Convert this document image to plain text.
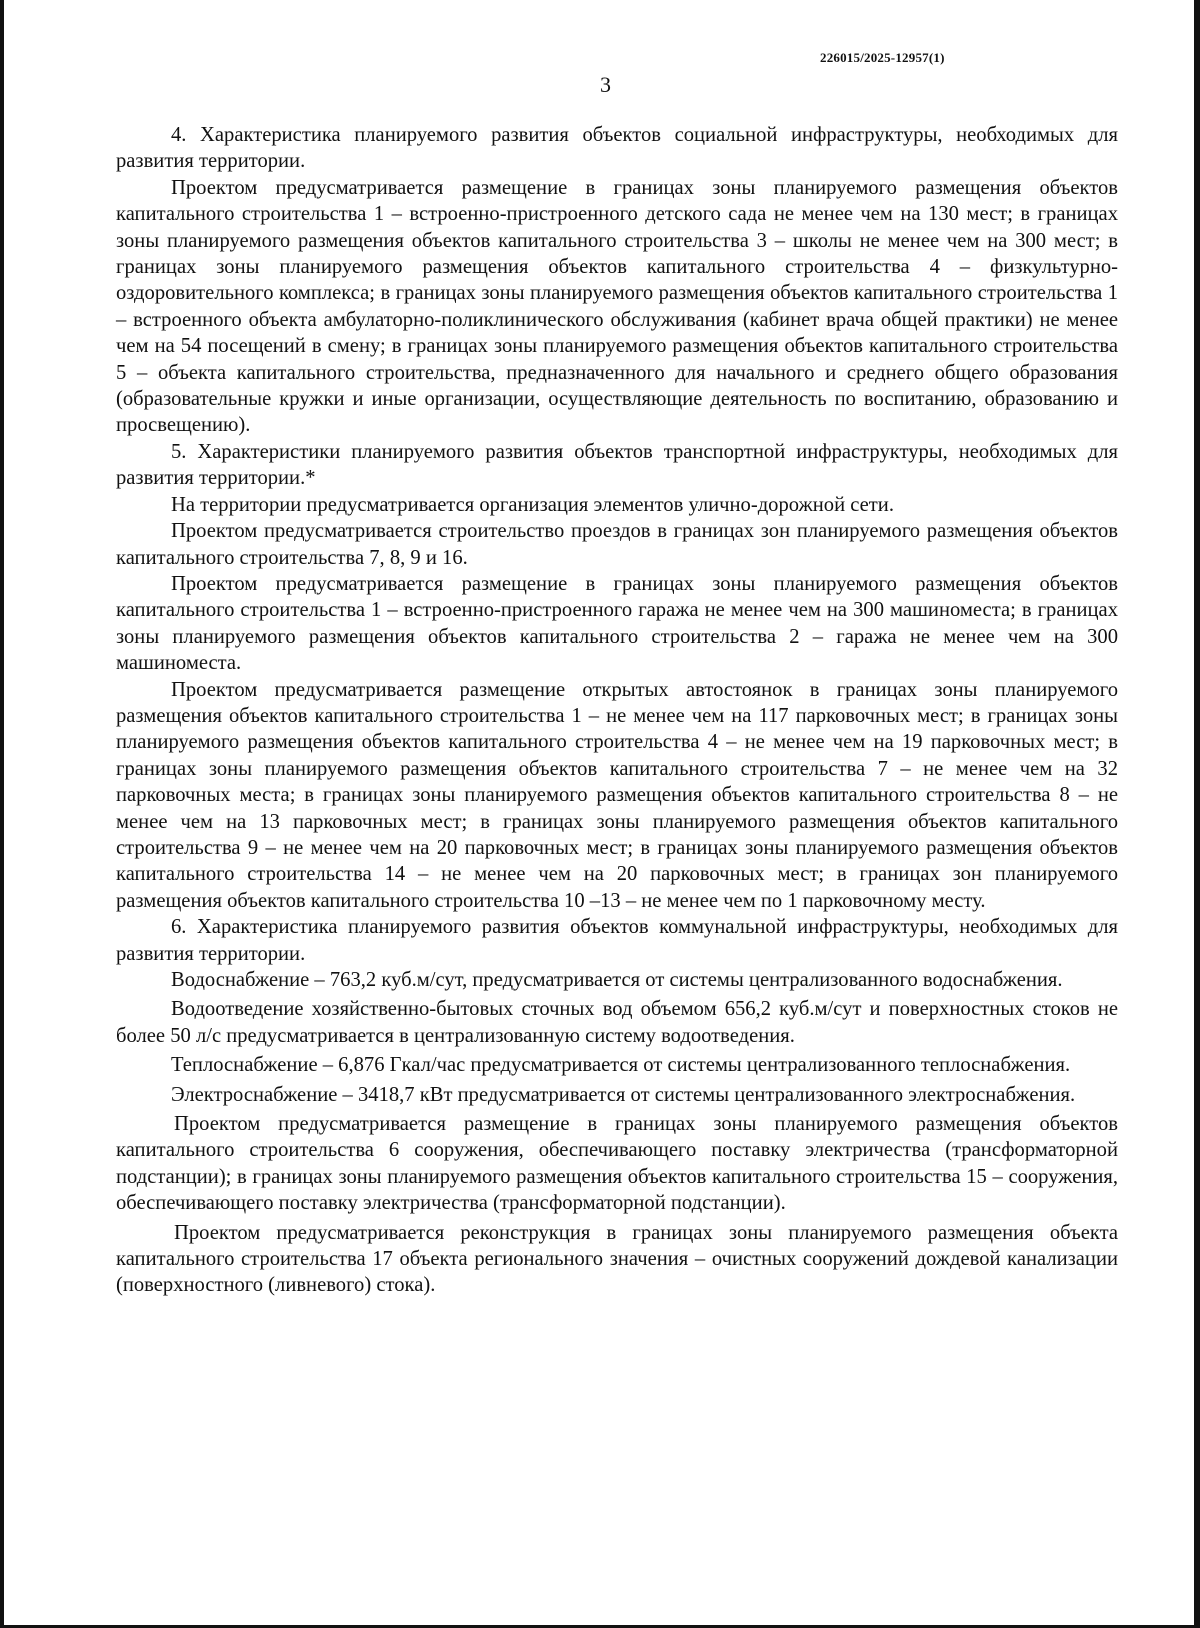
226015/2025-12957(1)
3

4. Характеристика планируемого развития объектов социальной инфраструктуры, необходимых для развития территории.

Проектом предусматривается размещение в границах зоны планируемого размещения объектов капитального строительства 1 – встроенно-пристроенного детского сада не менее чем на 130 мест; в границах зоны планируемого размещения объектов капитального строительства 3 – школы не менее чем на 300 мест; в границах зоны планируемого размещения объектов капитального строительства 4 – физкультурно-оздоровительного комплекса; в границах зоны планируемого размещения объектов капитального строительства 1 – встроенного объекта амбулаторно-поликлинического обслуживания (кабинет врача общей практики) не менее чем на 54 посещений в смену; в границах зоны планируемого размещения объектов капитального строительства 5 – объекта капитального строительства, предназначенного для начального и среднего общего образования (образовательные кружки и иные организации, осуществляющие деятельность по воспитанию, образованию и просвещению).

5. Характеристики планируемого развития объектов транспортной инфраструктуры, необходимых для развития территории.*

На территории предусматривается организация элементов улично-дорожной сети.

Проектом предусматривается строительство проездов в границах зон планируемого размещения объектов капитального строительства 7, 8, 9 и 16.

Проектом предусматривается размещение в границах зоны планируемого размещения объектов капитального строительства 1 – встроенно-пристроенного гаража не менее чем на 300 машиноместа; в границах зоны планируемого размещения объектов капитального строительства 2 – гаража не менее чем на 300 машиноместа.

Проектом предусматривается размещение открытых автостоянок в границах зоны планируемого размещения объектов капитального строительства 1 – не менее чем на 117 парковочных мест; в границах зоны планируемого размещения объектов капитального строительства 4 – не менее чем на 19 парковочных мест; в границах зоны планируемого размещения объектов капитального строительства 7 – не менее чем на 32 парковочных места; в границах зоны планируемого размещения объектов капитального строительства 8 – не менее чем на 13 парковочных мест; в границах зоны планируемого размещения объектов капитального строительства 9 – не менее чем на 20 парковочных мест; в границах зоны планируемого размещения объектов капитального строительства 14 – не менее чем на 20 парковочных мест; в границах зон планируемого размещения объектов капитального строительства 10 –13 – не менее чем по 1 парковочному месту.

6. Характеристика планируемого развития объектов коммунальной инфраструктуры, необходимых для развития территории.

Водоснабжение – 763,2 куб.м/сут, предусматривается от системы централизованного водоснабжения.

Водоотведение хозяйственно-бытовых сточных вод объемом 656,2 куб.м/сут и поверхностных стоков не более 50 л/с предусматривается в централизованную систему водоотведения.

Теплоснабжение – 6,876 Гкал/час предусматривается от системы централизованного теплоснабжения.

Электроснабжение – 3418,7 кВт предусматривается от системы централизованного электроснабжения.

Проектом предусматривается размещение в границах зоны планируемого размещения объектов капитального строительства 6 сооружения, обеспечивающего поставку электричества (трансформаторной подстанции); в границах зоны планируемого размещения объектов капитального строительства 15 – сооружения, обеспечивающего поставку электричества (трансформаторной подстанции).

Проектом предусматривается реконструкция в границах зоны планируемого размещения объекта капитального строительства 17 объекта регионального значения – очистных сооружений дождевой канализации (поверхностного (ливневого) стока).
